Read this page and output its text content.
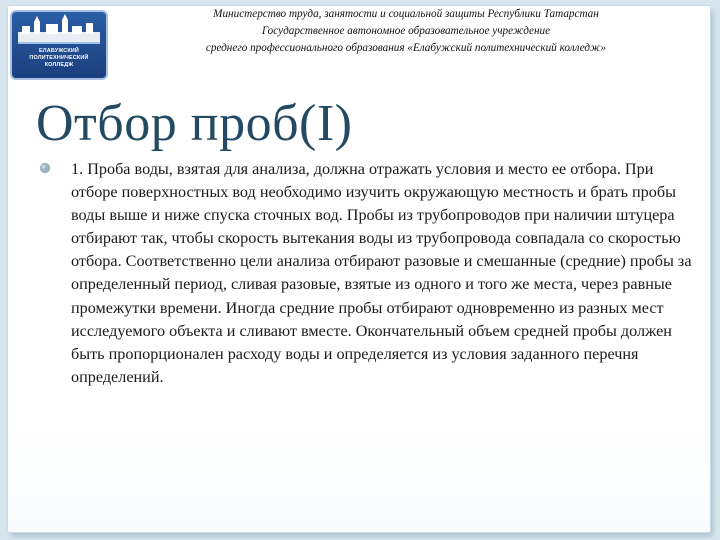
ЕЛАБУЖСКИЙ
ПОЛИТЕХНИЧЕСКИЙ
КОЛЛЕДЖ
Министерство труда, занятости и социальной защиты Республики Татарстан
Государственное автономное образовательное учреждение
среднего профессионального образования «Елабужский политехнический колледж»
Отбор проб(I)
1. Проба воды, взятая для анализа, должна отражать условия и место ее отбора. При отборе поверхностных вод необходимо изучить окружающую местность и брать пробы воды выше и ниже спуска сточных вод. Пробы из трубопроводов при наличии штуцера отбирают так, чтобы скорость вытекания воды из трубопровода совпадала со скоростью отбора. Соответственно цели анализа отбирают разовые и смешанные (средние) пробы за определенный период, сливая разовые, взятые из одного и того же места, через равные промежутки времени. Иногда средние пробы отбирают одновременно из разных мест исследуемого объекта и сливают вместе. Окончательный объем средней пробы должен быть пропорционален расходу воды и определяется из условия заданного перечня определений.
